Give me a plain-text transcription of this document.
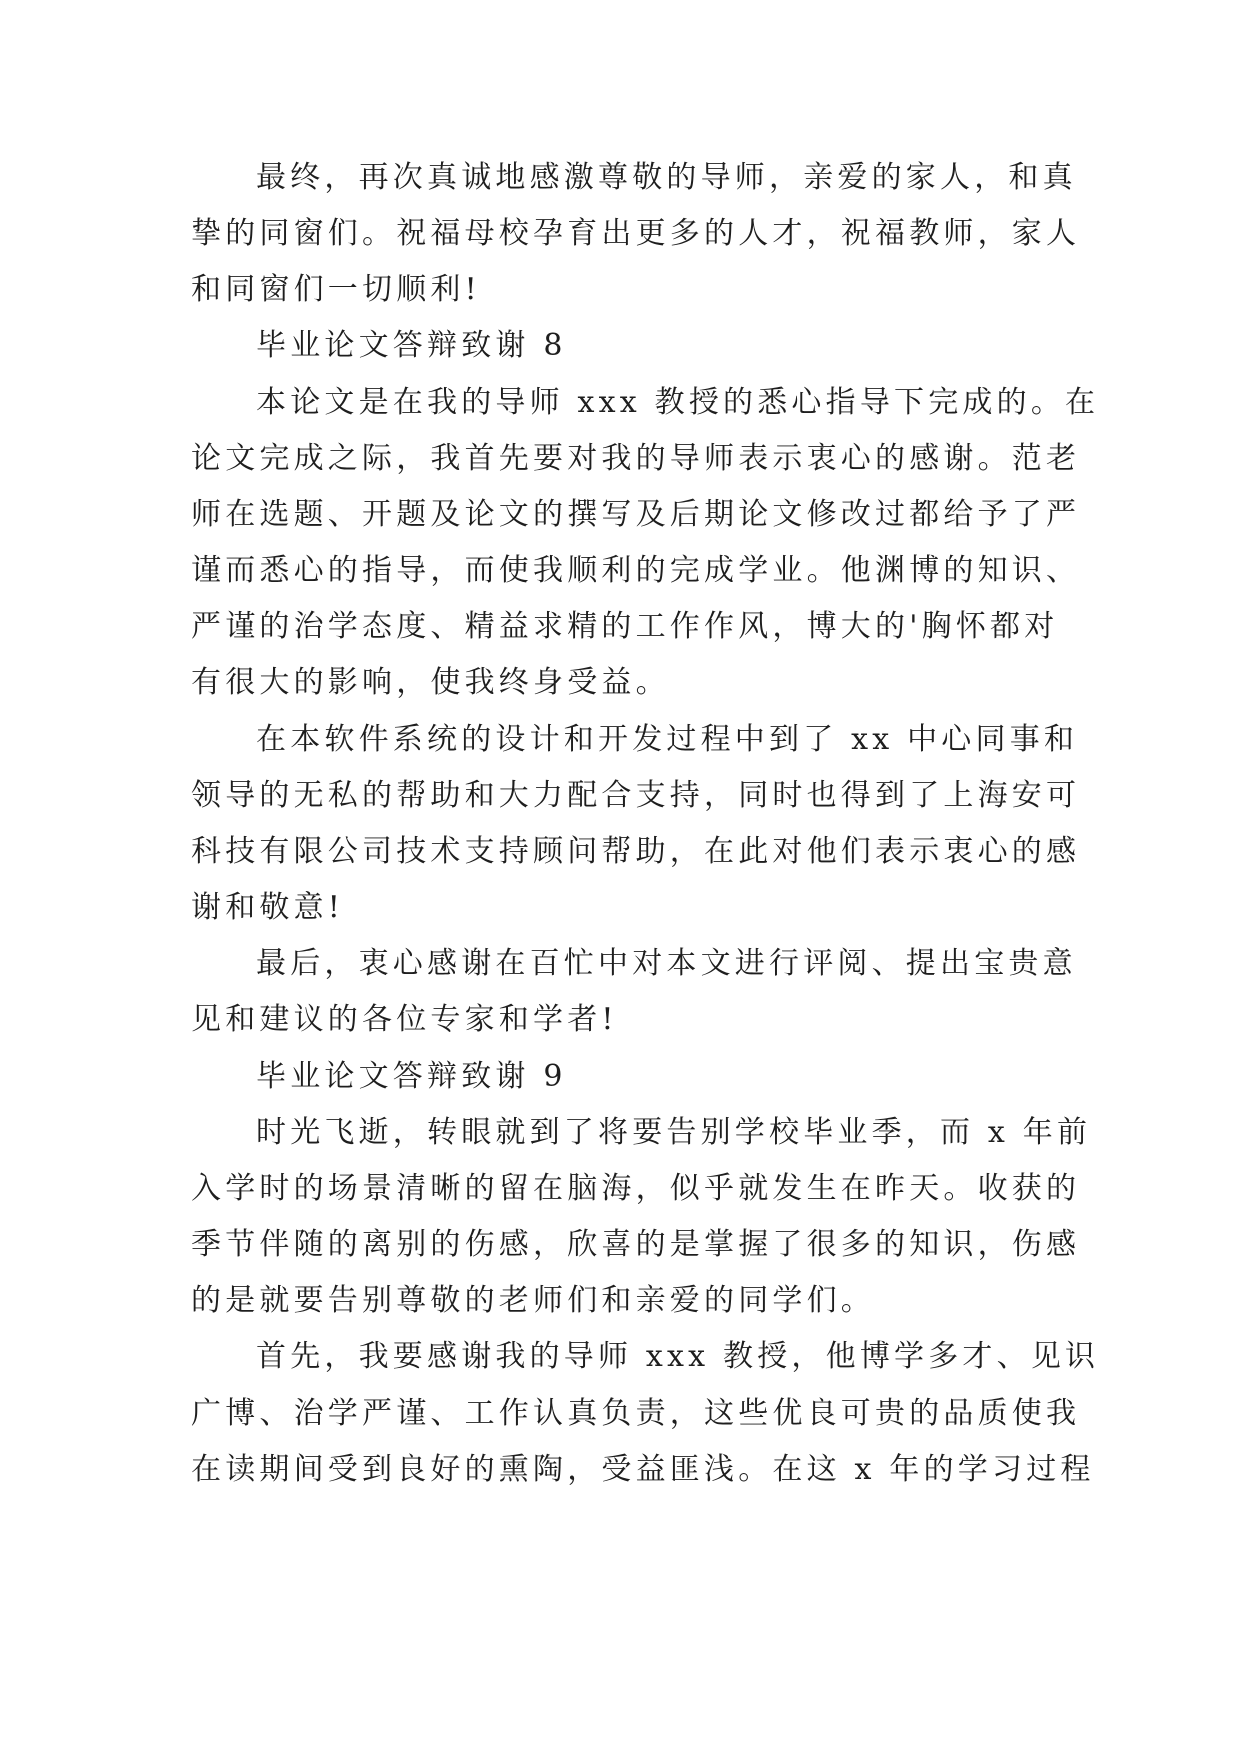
最终，再次真诚地感激尊敬的导师，亲爱的家人，和真
挚的同窗们。祝福母校孕育出更多的人才，祝福教师，家人
和同窗们一切顺利!
毕业论文答辩致谢 8
本论文是在我的导师 xxx 教授的悉心指导下完成的。在
论文完成之际，我首先要对我的导师表示衷心的感谢。范老
师在选题、开题及论文的撰写及后期论文修改过都给予了严
谨而悉心的指导，而使我顺利的完成学业。他渊博的知识、
严谨的治学态度、精益求精的工作作风，博大的'胸怀都对
有很大的影响，使我终身受益。
在本软件系统的设计和开发过程中到了 xx 中心同事和
领导的无私的帮助和大力配合支持，同时也得到了上海安可
科技有限公司技术支持顾问帮助，在此对他们表示衷心的感
谢和敬意!
最后，衷心感谢在百忙中对本文进行评阅、提出宝贵意
见和建议的各位专家和学者!
毕业论文答辩致谢 9
时光飞逝，转眼就到了将要告别学校毕业季，而 x 年前
入学时的场景清晰的留在脑海，似乎就发生在昨天。收获的
季节伴随的离别的伤感，欣喜的是掌握了很多的知识，伤感
的是就要告别尊敬的老师们和亲爱的同学们。
首先，我要感谢我的导师 xxx 教授，他博学多才、见识
广博、治学严谨、工作认真负责，这些优良可贵的品质使我
在读期间受到良好的熏陶，受益匪浅。在这 x 年的学习过程
